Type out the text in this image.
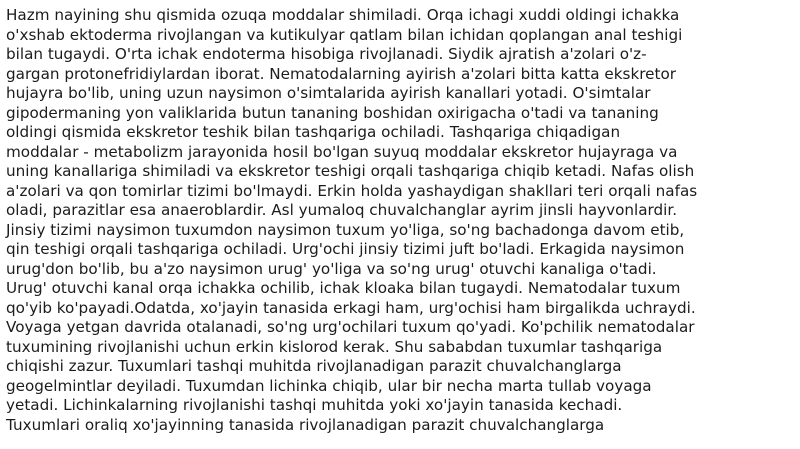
Hazm nayining shu qismida ozuqa moddalar shimiladi. Orqa ichagi xuddi oldingi ichakka
o'xshab ektoderma rivojlangan va kutikulyar qatlam bilan ichidan qoplangan anal teshigi
bilan tugaydi. O'rta ichak endoterma hisobiga rivojlanadi. Siydik ajratish a'zolari o'z-
gargan protonefridiylardan iborat. Nematodalarning ayirish a'zolari bitta katta ekskretor
hujayra bo'lib, uning uzun naysimon o'simtalarida ayirish kanallari yotadi. O'simtalar
gipodermaning yon valiklarida butun tananing boshidan oxirigacha o'tadi va tananing
oldingi qismida ekskretor teshik bilan tashqariga ochiladi. Tashqariga chiqadigan
moddalar - metabolizm jarayonida hosil bo'lgan suyuq moddalar ekskretor hujayraga va
uning kanallariga shimiladi va ekskretor teshigi orqali tashqariga chiqib ketadi. Nafas olish
a'zolari va qon tomirlar tizimi bo'lmaydi. Erkin holda yashaydigan shakllari teri orqali nafas
oladi, parazitlar esa anaeroblardir. Asl yumaloq chuvalchanglar ayrim jinsli hayvonlardir.
Jinsiy tizimi naysimon tuxumdon naysimon tuxum yo'liga, so'ng bachadonga davom etib,
qin teshigi orqali tashqariga ochiladi. Urg'ochi jinsiy tizimi juft bo'ladi. Erkagida naysimon
urug'don bo'lib, bu a'zo naysimon urug' yo'liga va so'ng urug' otuvchi kanaliga o'tadi.
Urug' otuvchi kanal orqa ichakka ochilib, ichak kloaka bilan tugaydi. Nematodalar tuxum
qo'yib ko'payadi.Odatda, xo'jayin tanasida erkagi ham, urg'ochisi ham birgalikda uchraydi.
Voyaga yetgan davrida otalanadi, so'ng urg'ochilari tuxum qo'yadi. Ko'pchilik nematodalar
tuxumining rivojlanishi uchun erkin kislorod kerak. Shu sababdan tuxumlar tashqariga
chiqishi zazur. Tuxumlari tashqi muhitda rivojlanadigan parazit chuvalchanglarga
geogelmintlar deyiladi. Tuxumdan lichinka chiqib, ular bir necha marta tullab voyaga
yetadi. Lichinkalarning rivojlanishi tashqi muhitda yoki xo'jayin tanasida kechadi.
Tuxumlari oraliq xo'jayinning tanasida rivojlanadigan parazit chuvalchanglarga
